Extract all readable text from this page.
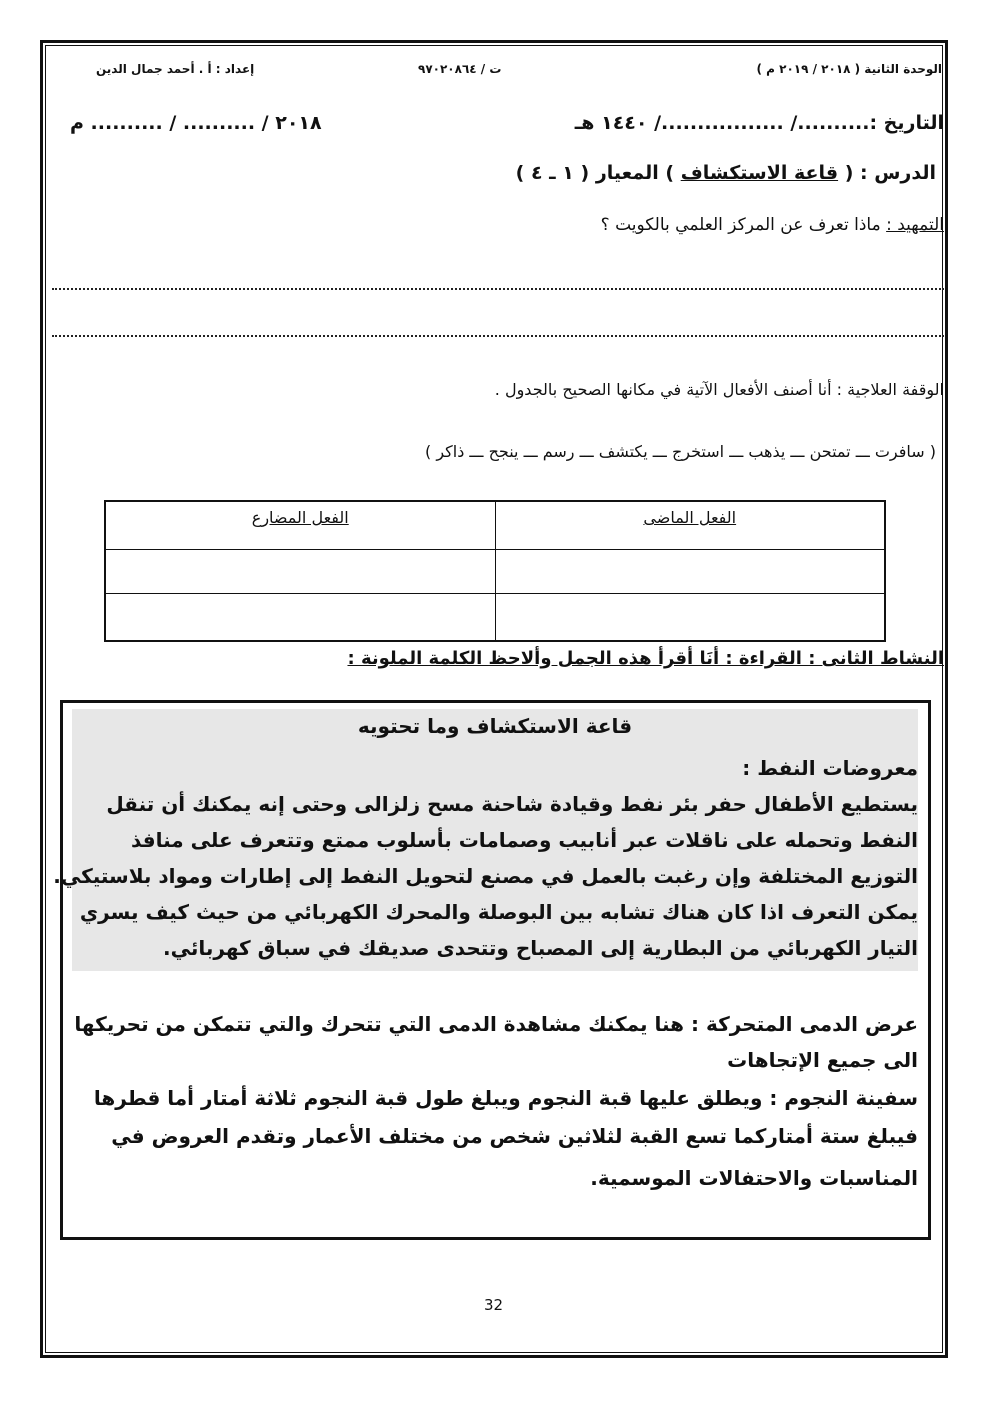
الوحدة الثانية ( ٢٠١٨ / ٢٠١٩ م )
ت / ٩٧٠٢٠٨٦٤
إعداد : أ . أحمد جمال الدين
التاريخ :........../ ................./ ١٤٤٠ هـ
٢٠١٨ / .......... / .......... م
الدرس : ( قاعة الاستكشاف ) المعيار ( ١ ـ ٤ )
التمهيد : ماذا تعرف عن المركز العلمي بالكويت ؟
الوقفة العلاجية : أنا أصنف الأفعال الآتية في مكانها الصحيح بالجدول .
( سافرت ـــ تمتحن ـــ يذهب ـــ استخرج ـــ يكتشف ـــ رسم ـــ ينجح ـــ ذاكر )
الفعل المضارع	الفعل الماضى

النشاط الثانى : القراءة : أنَا أقرأ هذه الجمل وألاحظ الكلمة الملونة :
قاعة الاستكشاف وما تحتويه
معروضات النفط :
يستطيع الأطفال حفر بئر نفط وقيادة شاحنة مسح زلزالى وحتى إنه يمكنك أن تنقل
النفط وتحمله على ناقلات عبر أنابيب وصمامات بأسلوب ممتع وتتعرف على منافذ
التوزيع المختلفة وإن رغبت بالعمل في مصنع لتحويل النفط إلى إطارات ومواد بلاستيكي.
يمكن التعرف اذا كان هناك تشابه بين البوصلة والمحرك الكهربائي من حيث كيف يسري
التيار الكهربائي من البطارية إلى المصباح وتتحدى صديقك في سباق كهربائي.
عرض الدمى المتحركة : هنا يمكنك مشاهدة الدمى التي تتحرك والتي تتمكن من تحريكها
الى جميع الإتجاهات
سفينة النجوم : ويطلق عليها قبة النجوم ويبلغ طول قبة النجوم ثلاثة أمتار أما قطرها
فيبلغ ستة أمتاركما تسع القبة لثلاثين شخص من مختلف الأعمار وتقدم العروض في
المناسبات والاحتفالات الموسمية.
32
